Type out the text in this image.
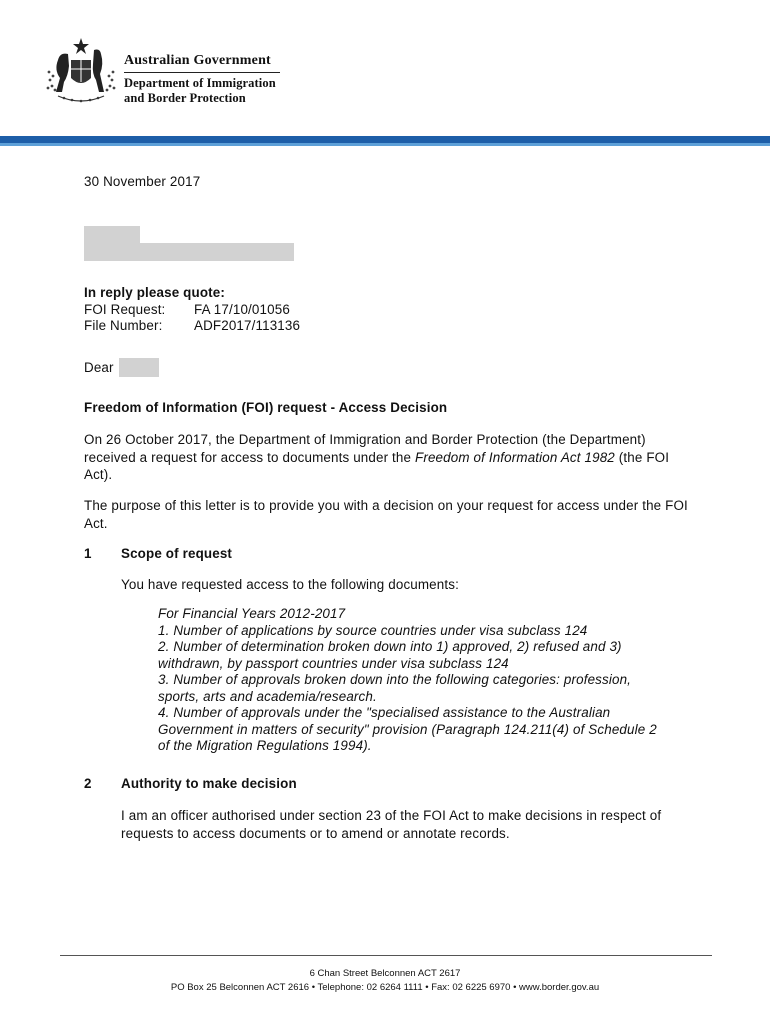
Australian Government
Department of Immigration
and Border Protection
30 November 2017
In reply please quote:
FOI Request: FA 17/10/01056
File Number: ADF2017/113136
Dear
Freedom of Information (FOI) request - Access Decision
On 26 October 2017, the Department of Immigration and Border Protection (the Department) received a request for access to documents under the Freedom of Information Act 1982 (the FOI Act).
The purpose of this letter is to provide you with a decision on your request for access under the FOI Act.
1 Scope of request
You have requested access to the following documents:
For Financial Years 2012-2017
1. Number of applications by source countries under visa subclass 124
2. Number of determination broken down into 1) approved, 2) refused and 3)
withdrawn, by passport countries under visa subclass 124
3. Number of approvals broken down into the following categories: profession,
sports, arts and academia/research.
4. Number of approvals under the "specialised assistance to the Australian
Government in matters of security" provision (Paragraph 124.211(4) of Schedule 2
of the Migration Regulations 1994).
2 Authority to make decision
I am an officer authorised under section 23 of the FOI Act to make decisions in respect of requests to access documents or to amend or annotate records.
6 Chan Street Belconnen ACT 2617
PO Box 25 Belconnen ACT 2616 • Telephone: 02 6264 1111 • Fax: 02 6225 6970 • www.border.gov.au
